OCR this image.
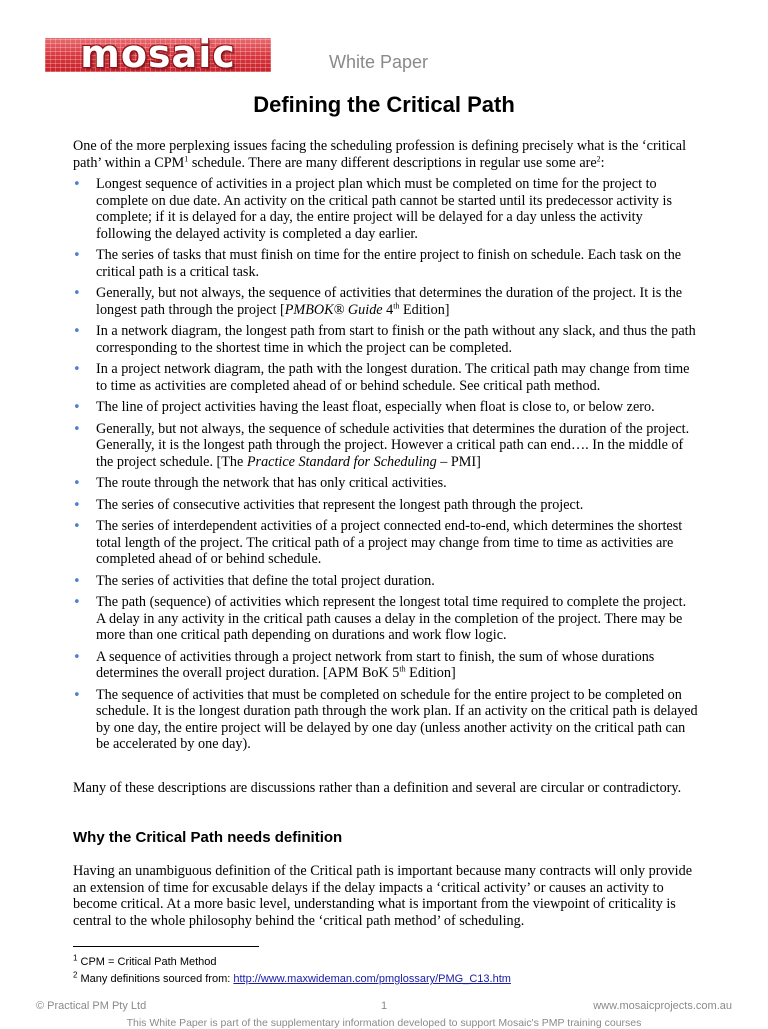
mosaic	White Paper
Defining the Critical Path
One of the more perplexing issues facing the scheduling profession is defining precisely what is the ‘critical path’ within a CPM$^1$ schedule. There are many different descriptions in regular use some are$^2$:
• Longest sequence of activities in a project plan which must be completed on time for the project to complete on due date. An activity on the critical path cannot be started until its predecessor activity is complete; if it is delayed for a day, the entire project will be delayed for a day unless the activity following the delayed activity is completed a day earlier.
• The series of tasks that must finish on time for the entire project to finish on schedule. Each task on the critical path is a critical task.
• Generally, but not always, the sequence of activities that determines the duration of the project. It is the longest path through the project [PMBOK® Guide 4th Edition]
• In a network diagram, the longest path from start to finish or the path without any slack, and thus the path corresponding to the shortest time in which the project can be completed.
• In a project network diagram, the path with the longest duration. The critical path may change from time to time as activities are completed ahead of or behind schedule. See critical path method.
• The line of project activities having the least float, especially when float is close to, or below zero.
• Generally, but not always, the sequence of schedule activities that determines the duration of the project. Generally, it is the longest path through the project. However a critical path can end…. In the middle of the project schedule. [The Practice Standard for Scheduling – PMI]
• The route through the network that has only critical activities.
• The series of consecutive activities that represent the longest path through the project.
• The series of interdependent activities of a project connected end-to-end, which determines the shortest total length of the project. The critical path of a project may change from time to time as activities are completed ahead of or behind schedule.
• The series of activities that define the total project duration.
• The path (sequence) of activities which represent the longest total time required to complete the project. A delay in any activity in the critical path causes a delay in the completion of the project. There may be more than one critical path depending on durations and work flow logic.
• A sequence of activities through a project network from start to finish, the sum of whose durations determines the overall project duration. [APM BoK 5th Edition]
• The sequence of activities that must be completed on schedule for the entire project to be completed on schedule. It is the longest duration path through the work plan. If an activity on the critical path is delayed by one day, the entire project will be delayed by one day (unless another activity on the critical path can be accelerated by one day).
Many of these descriptions are discussions rather than a definition and several are circular or contradictory.
Why the Critical Path needs definition
Having an unambiguous definition of the Critical path is important because many contracts will only provide an extension of time for excusable delays if the delay impacts a ‘critical activity’ or causes an activity to become critical. At a more basic level, understanding what is important from the viewpoint of criticality is central to the whole philosophy behind the ‘critical path method’ of scheduling.
$^1$ CPM = Critical Path Method
$^2$ Many definitions sourced from: http://www.maxwideman.com/pmglossary/PMG_C13.htm
© Practical PM Pty Ltd	1	www.mosaicprojects.com.au
This White Paper is part of the supplementary information developed to support Mosaic's PMP training courses
